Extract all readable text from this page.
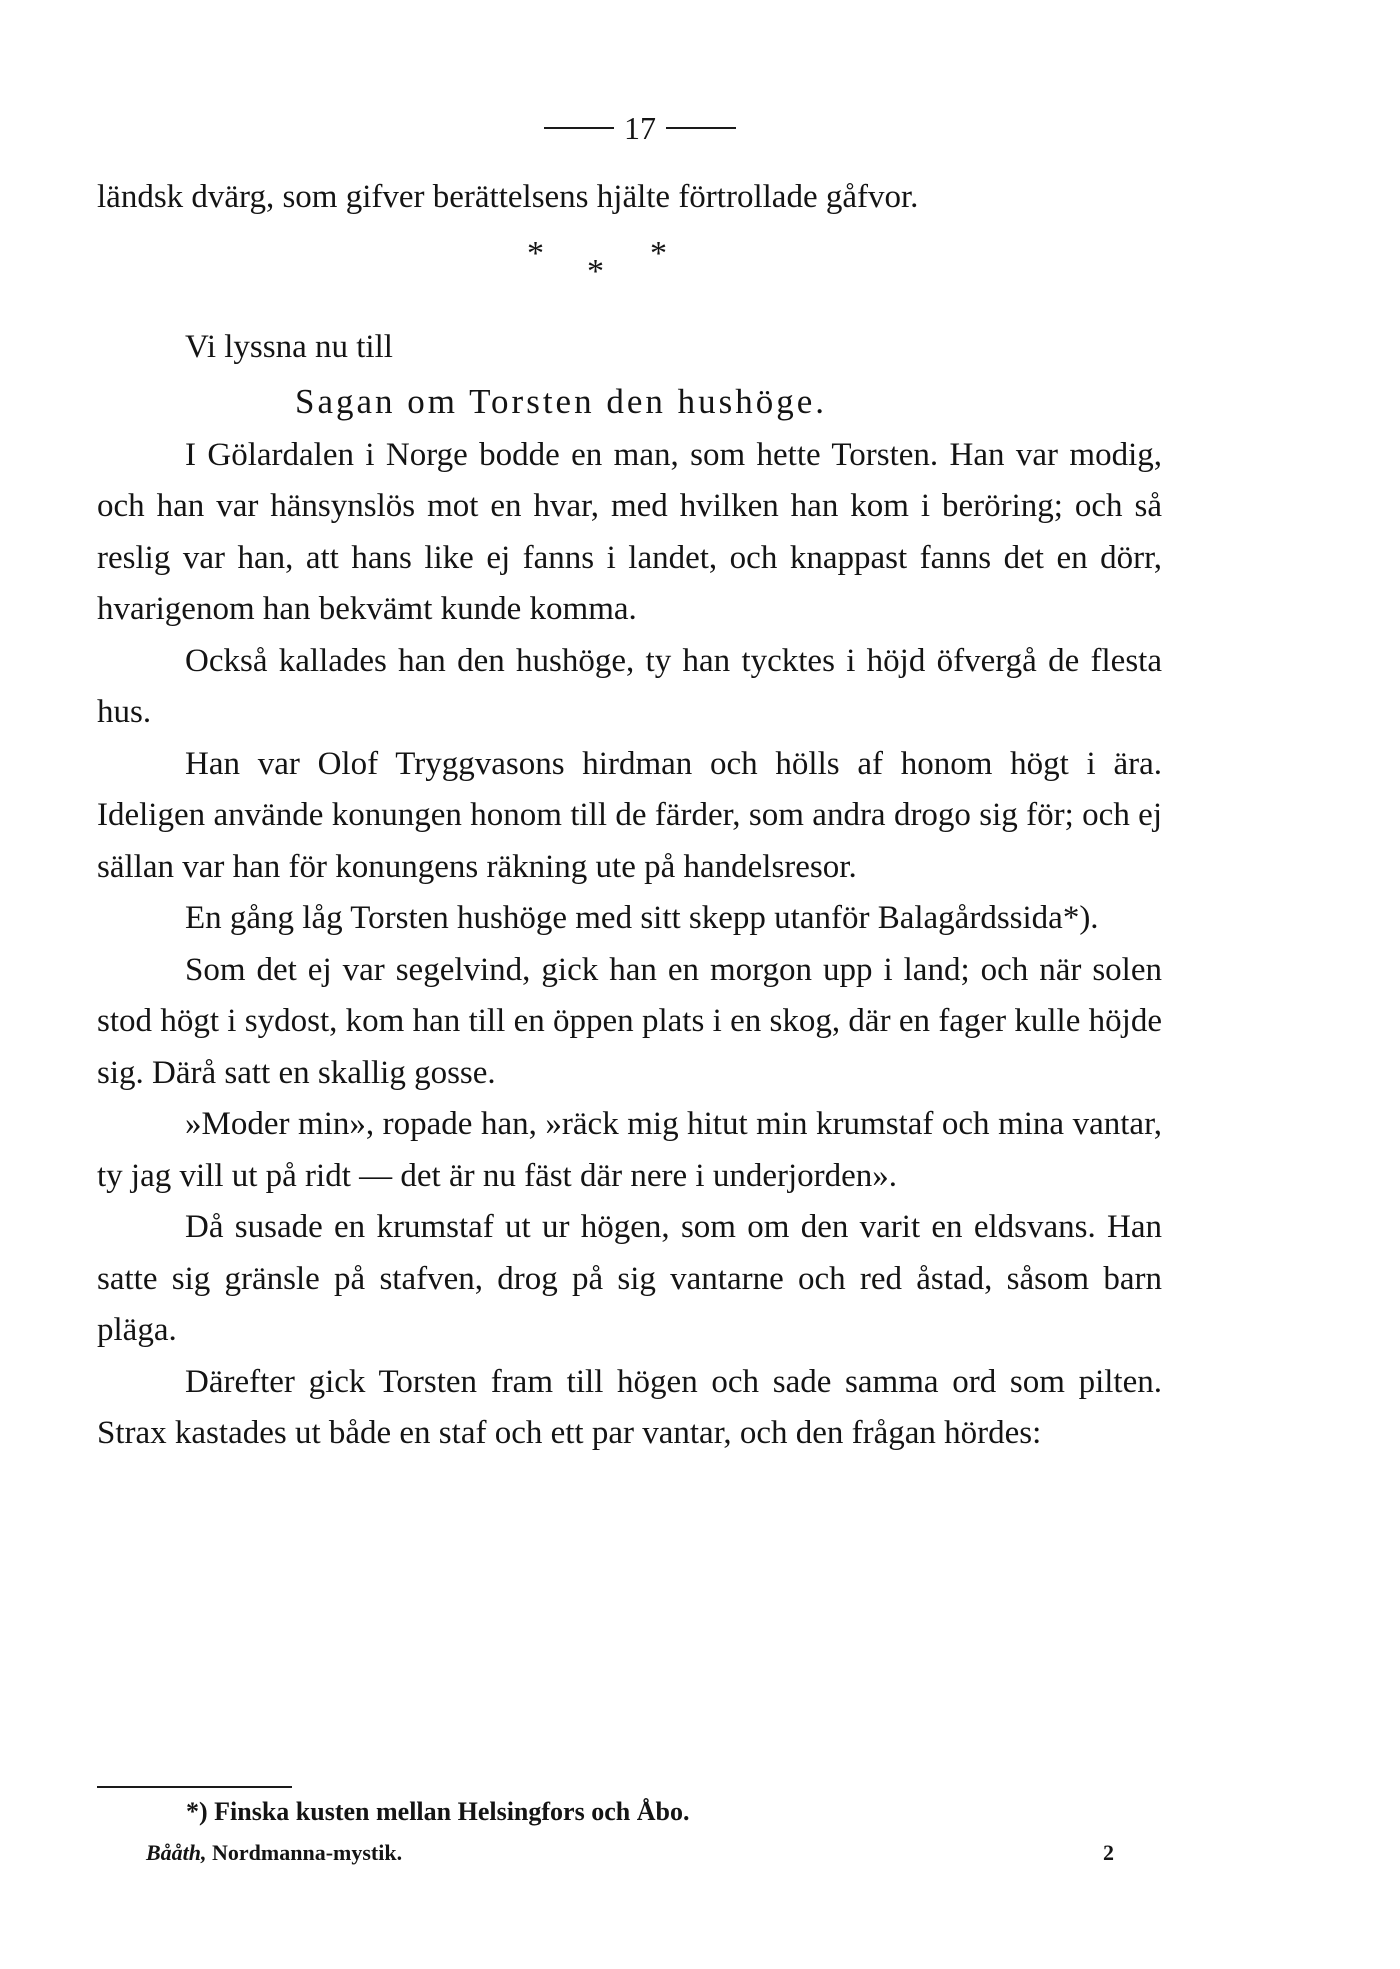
17

ländsk dvärg, som gifver berättelsens hjälte förtrollade gåfvor.

* * *
Vi lyssna nu till
Sagan om Torsten den hushöge.

I Gölardalen i Norge bodde en man, som hette Torsten. Han var modig, och han var hänsynslös mot en hvar, med hvilken han kom i beröring; och så reslig var han, att hans like ej fanns i landet, och knappast fanns det en dörr, hvarigenom han bekvämt kunde komma.

Också kallades han den hushöge, ty han tycktes i höjd öfvergå de flesta hus.

Han var Olof Tryggvasons hirdman och hölls af honom högt i ära. Ideligen använde konungen honom till de färder, som andra drogo sig för; och ej sällan var han för konungens räkning ute på handelsresor.

En gång låg Torsten hushöge med sitt skepp utanför Balagårdssida*).

Som det ej var segelvind, gick han en morgon upp i land; och när solen stod högt i sydost, kom han till en öppen plats i en skog, där en fager kulle höjde sig. Därå satt en skallig gosse.

»Moder min», ropade han, »räck mig hitut min krumstaf och mina vantar, ty jag vill ut på ridt — det är nu fäst där nere i underjorden».

Då susade en krumstaf ut ur högen, som om den varit en eldsvans. Han satte sig gränsle på stafven, drog på sig vantarne och red åstad, såsom barn pläga.

Därefter gick Torsten fram till högen och sade samma ord som pilten. Strax kastades ut både en staf och ett par vantar, och den frågan hördes:

*) Finska kusten mellan Helsingfors och Åbo.
Bååth, Nordmanna-mystik.	2
